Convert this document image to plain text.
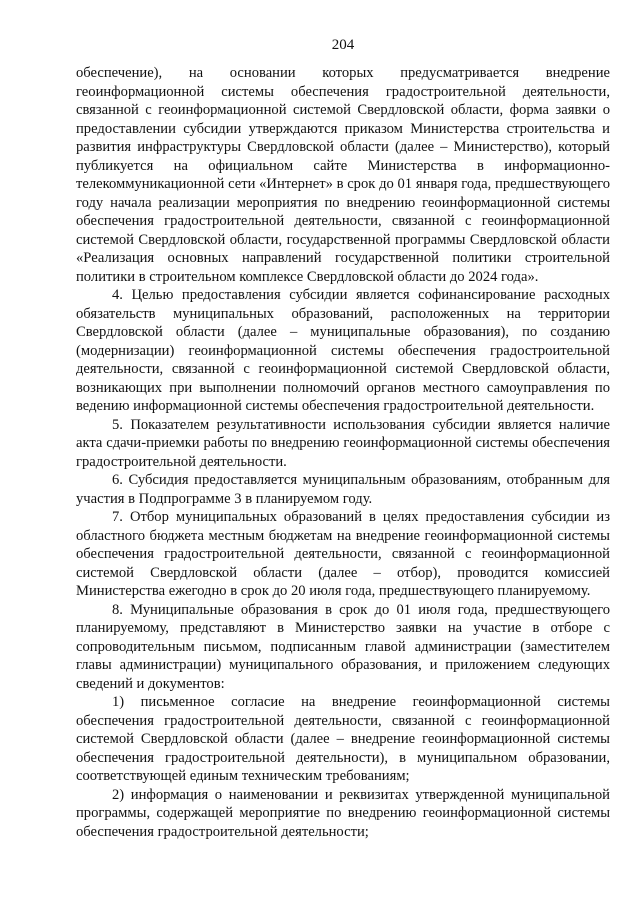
204

обеспечение), на основании которых предусматривается внедрение геоинформационной системы обеспечения градостроительной деятельности, связанной с геоинформационной системой Свердловской области, форма заявки о предоставлении субсидии утверждаются приказом Министерства строительства и развития инфраструктуры Свердловской области (далее – Министерство), который публикуется на официальном сайте Министерства в информационно-телекоммуникационной сети «Интернет» в срок до 01 января года, предшествующего году начала реализации мероприятия по внедрению геоинформационной системы обеспечения градостроительной деятельности, связанной с геоинформационной системой Свердловской области, государственной программы Свердловской области «Реализация основных направлений государственной политики строительной политики в строительном комплексе Свердловской области до 2024 года».

4. Целью предоставления субсидии является софинансирование расходных обязательств муниципальных образований, расположенных на территории Свердловской области (далее – муниципальные образования), по созданию (модернизации) геоинформационной системы обеспечения градостроительной деятельности, связанной с геоинформационной системой Свердловской области, возникающих при выполнении полномочий органов местного самоуправления по ведению информационной системы обеспечения градостроительной деятельности.

5. Показателем результативности использования субсидии является наличие акта сдачи-приемки работы по внедрению геоинформационной системы обеспечения градостроительной деятельности.

6. Субсидия предоставляется муниципальным образованиям, отобранным для участия в Подпрограмме 3 в планируемом году.

7. Отбор муниципальных образований в целях предоставления субсидии из областного бюджета местным бюджетам на внедрение геоинформационной системы обеспечения градостроительной деятельности, связанной с геоинформационной системой Свердловской области (далее – отбор), проводится комиссией Министерства ежегодно в срок до 20 июля года, предшествующего планируемому.

8. Муниципальные образования в срок до 01 июля года, предшествующего планируемому, представляют в Министерство заявки на участие в отборе с сопроводительным письмом, подписанным главой администрации (заместителем главы администрации) муниципального образования, и приложением следующих сведений и документов:

1) письменное согласие на внедрение геоинформационной системы обеспечения градостроительной деятельности, связанной с геоинформационной системой Свердловской области (далее – внедрение геоинформационной системы обеспечения градостроительной деятельности), в муниципальном образовании, соответствующей единым техническим требованиям;

2) информация о наименовании и реквизитах утвержденной муниципальной программы, содержащей мероприятие по внедрению геоинформационной системы обеспечения градостроительной деятельности;
